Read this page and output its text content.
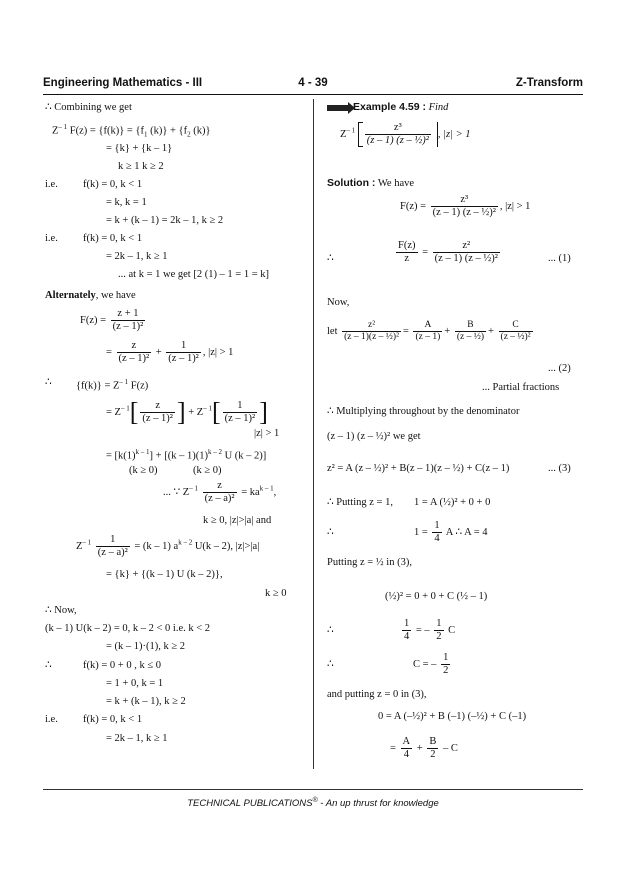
Engineering Mathematics - III	4 - 39	Z-Transform
∴ Combining we get
$Z^{- 1}$ $F(z) = \{f(k)\} = \{f_1$ $(k)\} + \{f_2$ (k)}
= {k} + {k – 1}
k ≥ 1 k ≥ 2
i.e. f(k) = 0, k < 1
= k, k = 1
= k + (k – 1) = 2k – 1, k ≥ 2
i.e. f(k) = 0, k < 1
= 2k – 1, k ≥ 1
... at k = 1 we get [2 (1) – 1 = 1 = k]
Alternately, we have
$F(z) = \frac{z + 1}{\text{(z – 1)²}}$
= $\frac{z}{\text{(z – 1)²}} + \frac{1}{\text{(z – 1)²}}$ , |z| > 1
∴ $\{f(k)\} = Z^{- 1}$ F(z)
= $Z^{- 1}[ \frac{z}{\text{(z – 1)²}}$ ] + $Z^{- 1}[ \frac{1}{\text{(z – 1)²}}$ ]
|z| > 1
= $[k(1)^{k - 1}] + [(k - 1)(1)^{k - 2}$ U (k – 2)]
(k ≥ 0)	(k ≥ 0)
... ∵ $Z^{- 1} \frac{z}{\text{(z – a)²}} = ka^{k - 1}$,
k ≥ 0, |z|>|a| and
$Z^{- 1} \frac{1}{\text{(z – a)²}} = (k - 1)$ $a^{k - 2}$ U(k – 2), |z|>|a|
= {k} + {(k – 1) U (k – 2)},
k ≥ 0
∴ Now,
(k – 1) U(k – 2) = 0, k – 2 < 0 i.e. k < 2
= (k – 1)·(1), k ≥ 2
∴	f(k) = 0 + 0 , k ≤ 0
= 1 + 0, k = 1
= k + (k – 1), k ≥ 2
i.e. f(k) = 0, k < 1
= 2k – 1, k ≥ 1
Example 4.59 : Find
$Z^{- 1} \frac{\text{z³}}{\text{(z – 1) (z – ½)²}}$ , |z| > 1
Solution : We have
$F(z) = \frac{\text{z³}}{\text{(z – 1) (z – ½)²}}$ , |z| > 1
∴	$\frac{F(z)}{z} = \frac{\text{z²}}{\text{(z – 1) (z – ½)²}}$	... (1)
Now,
let $\frac{\text{z²}}{\text{(z – 1)(z – ½)²}} = \frac{A}{(z - 1)} + \frac{B}{\text{(z – ½)}} + \frac{C}{\text{(z – ½)²}}$
... (2)
... Partial fractions
∴ Multiplying throughout by the denominator
(z – 1) (z – ½)² we get
z² = A (z – ½)² + B(z – 1)(z – ½) + C(z – 1)	... (3)
∴ Putting z = 1, 1 = A (½)² + 0 + 0
∴	$1 = \frac{1}{4}$ A ∴ A = 4
Putting z = ½ in (3),
(½)² = 0 + 0 + C (½ – 1)
∴	$\frac{1}{4}$ = – $\frac{1}{2}$ C
∴	C = – $\frac{1}{2}$
and putting z = 0 in (3),
0 = A (–½)² + B (–1) (–½) + C (–1)
= $\frac{A}{4} + \frac{B}{2} - C$
TECHNICAL PUBLICATIONS® - An up thrust for knowledge
